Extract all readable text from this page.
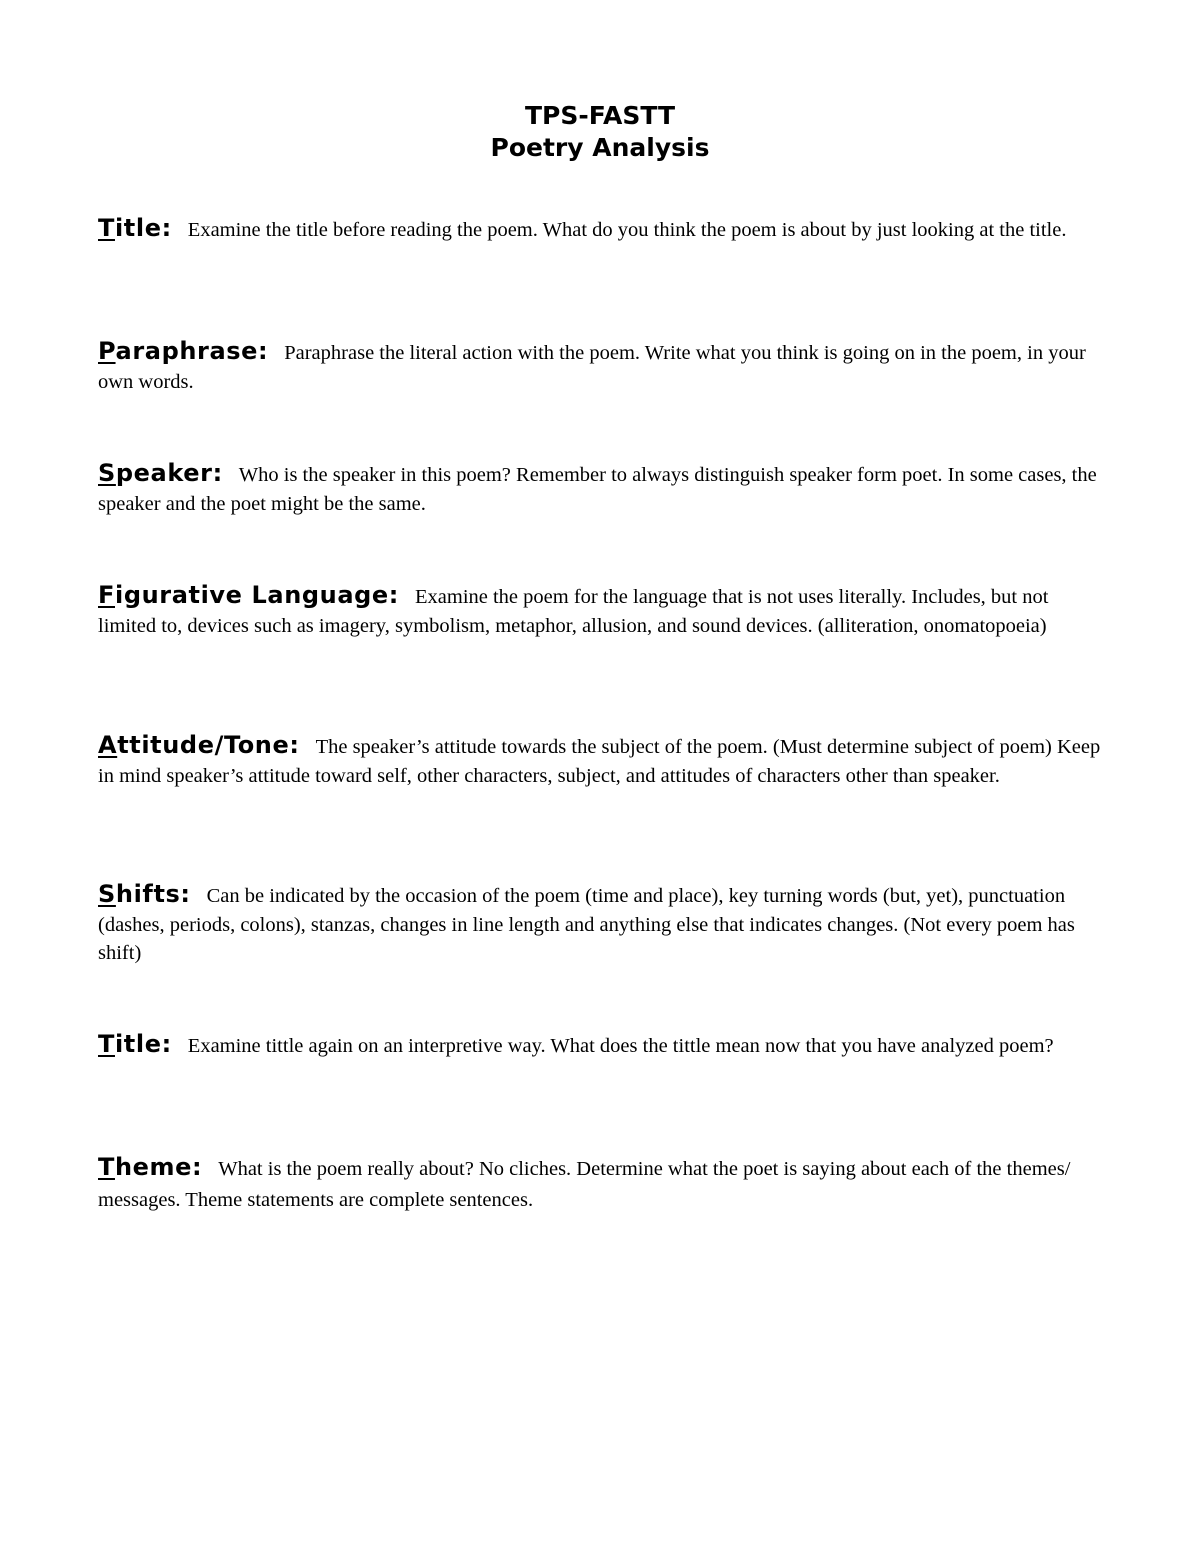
TPS-FASTT
Poetry Analysis
Title: Examine the title before reading the poem. What do you think the poem is about by just looking at the title.
Paraphrase: Paraphrase the literal action with the poem. Write what you think is going on in the poem, in your own words.
Speaker: Who is the speaker in this poem? Remember to always distinguish speaker form poet. In some cases, the speaker and the poet might be the same.
Figurative Language: Examine the poem for the language that is not uses literally. Includes, but not limited to, devices such as imagery, symbolism, metaphor, allusion, and sound devices. (alliteration, onomatopoeia)
Attitude/Tone: The speaker’s attitude towards the subject of the poem. (Must determine subject of poem) Keep in mind speaker’s attitude toward self, other characters, subject, and attitudes of characters other than speaker.
Shifts: Can be indicated by the occasion of the poem (time and place), key turning words (but, yet), punctuation (dashes, periods, colons), stanzas, changes in line length and anything else that indicates changes. (Not every poem has shift)
Title: Examine tittle again on an interpretive way. What does the tittle mean now that you have analyzed poem?
Theme: What is the poem really about? No cliches. Determine what the poet is saying about each of the themes/ messages. Theme statements are complete sentences.
